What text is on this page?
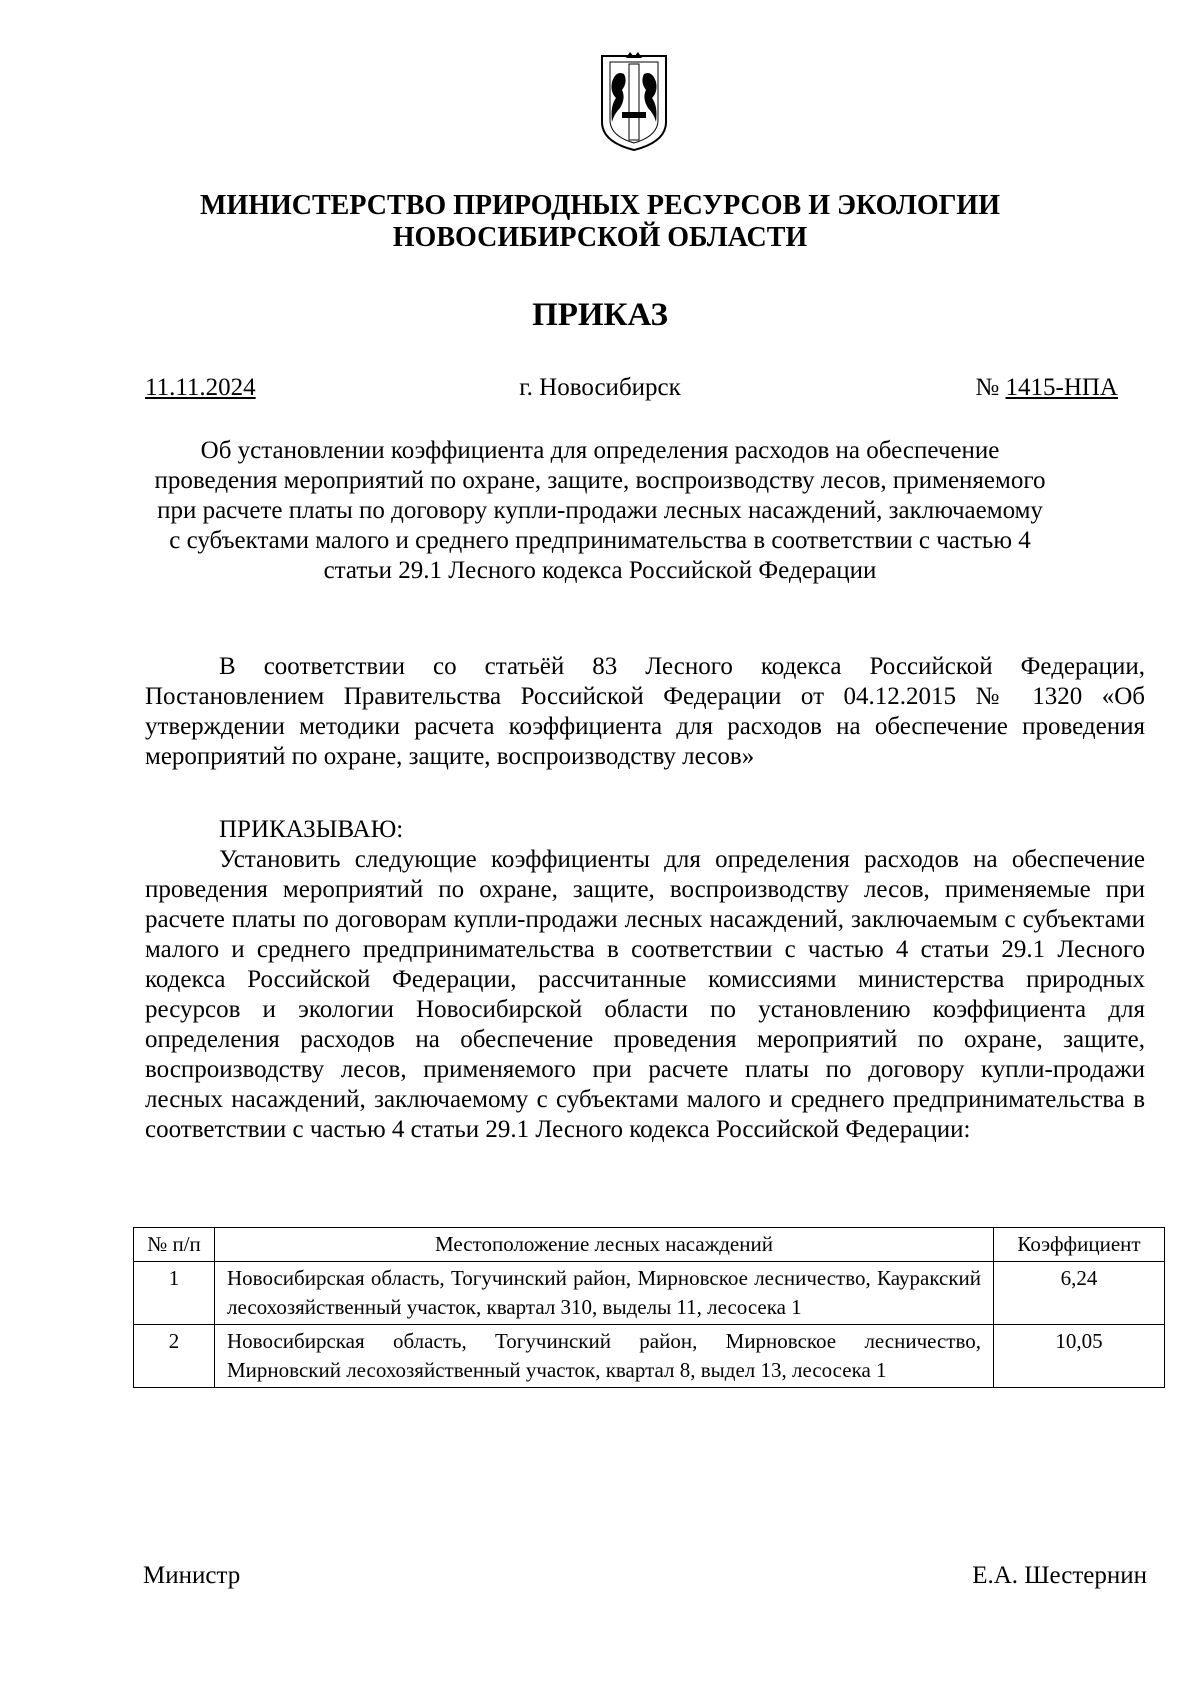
МИНИСТЕРСТВО ПРИРОДНЫХ РЕСУРСОВ И ЭКОЛОГИИ
НОВОСИБИРСКОЙ ОБЛАСТИ
ПРИКАЗ
11.11.2024	г. Новосибирск	№ 1415-НПА
Об установлении коэффициента для определения расходов на обеспечение проведения мероприятий по охране, защите, воспроизводству лесов, применяемого при расчете платы по договору купли-продажи лесных насаждений, заключаемому с субъектами малого и среднего предпринимательства в соответствии с частью 4 статьи 29.1 Лесного кодекса Российской Федерации
В соответствии со статьёй 83 Лесного кодекса Российской Федерации, Постановлением Правительства Российской Федерации от 04.12.2015 № 1320 «Об утверждении методики расчета коэффициента для расходов на обеспечение проведения мероприятий по охране, защите, воспроизводству лесов»
ПРИКАЗЫВАЮ:
Установить следующие коэффициенты для определения расходов на обеспечение проведения мероприятий по охране, защите, воспроизводству лесов, применяемые при расчете платы по договорам купли-продажи лесных насаждений, заключаемым с субъектами малого и среднего предпринимательства в соответствии с частью 4 статьи 29.1 Лесного кодекса Российской Федерации, рассчитанные комиссиями министерства природных ресурсов и экологии Новосибирской области по установлению коэффициента для определения расходов на обеспечение проведения мероприятий по охране, защите, воспроизводству лесов, применяемого при расчете платы по договору купли-продажи лесных насаждений, заключаемому с субъектами малого и среднего предпринимательства в соответствии с частью 4 статьи 29.1 Лесного кодекса Российской Федерации:
№ п/п	Местоположение лесных насаждений	Коэффициент
1	Новосибирская область, Тогучинский район, Мирновское лесничество, Кауракский лесохозяйственный участок, квартал 310, выделы 11, лесосека 1	6,24
2	Новосибирская область, Тогучинский район, Мирновское лесничество, Мирновский лесохозяйственный участок, квартал 8, выдел 13, лесосека 1	10,05
Министр	Е.А. Шестернин
